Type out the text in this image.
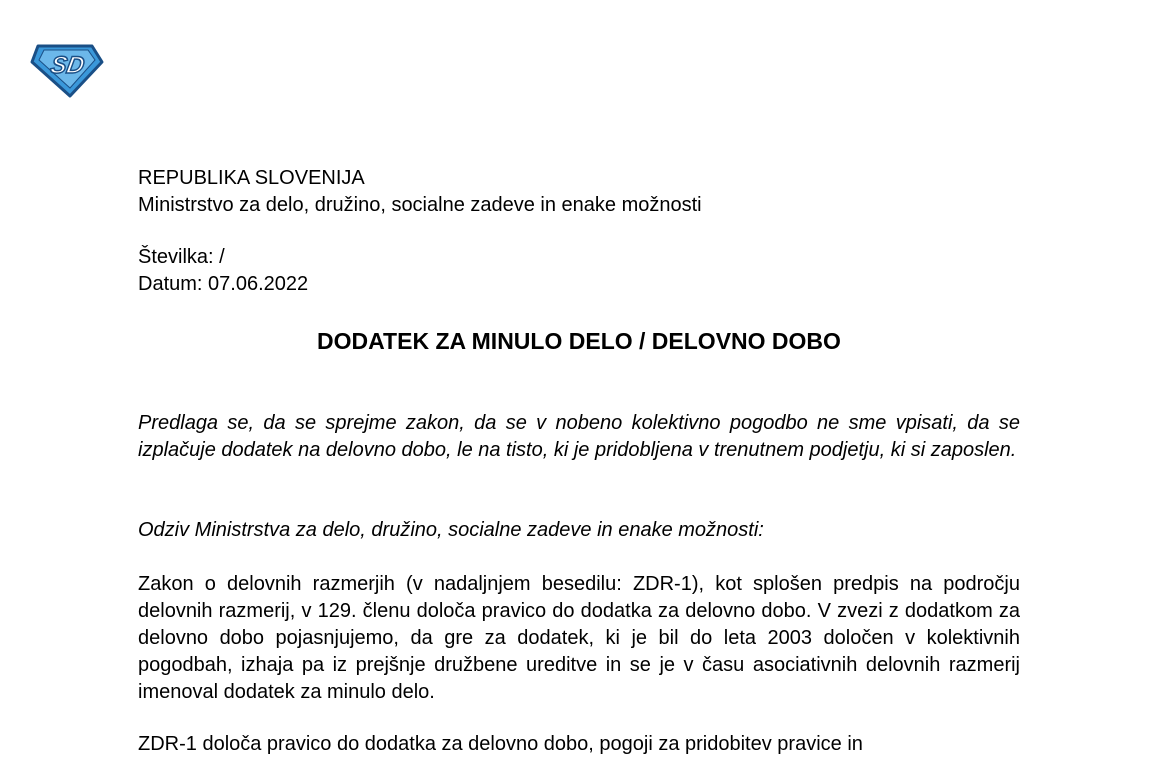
SD

REPUBLIKA SLOVENIJA

Ministrstvo za delo, družino, socialne zadeve in enake možnosti

Številka: /

Datum: 07.06.2022

DODATEK ZA MINULO DELO / DELOVNO DOBO

Predlaga se, da se sprejme zakon, da se v nobeno kolektivno pogodbo ne sme vpisati, da se izplačuje dodatek na delovno dobo, le na tisto, ki je pridobljena v trenutnem podjetju, ki si zaposlen.

Odziv Ministrstva za delo, družino, socialne zadeve in enake možnosti:

Zakon o delovnih razmerjih (v nadaljnjem besedilu: ZDR-1), kot splošen predpis na področju delovnih razmerij, v 129. členu določa pravico do dodatka za delovno dobo. V zvezi z dodatkom za delovno dobo pojasnjujemo, da gre za dodatek, ki je bil do leta 2003 določen v kolektivnih pogodbah, izhaja pa iz prejšnje družbene ureditve in se je v času asociativnih delovnih razmerij imenoval dodatek za minulo delo.

ZDR-1 določa pravico do dodatka za delovno dobo, pogoji za pridobitev pravice in
